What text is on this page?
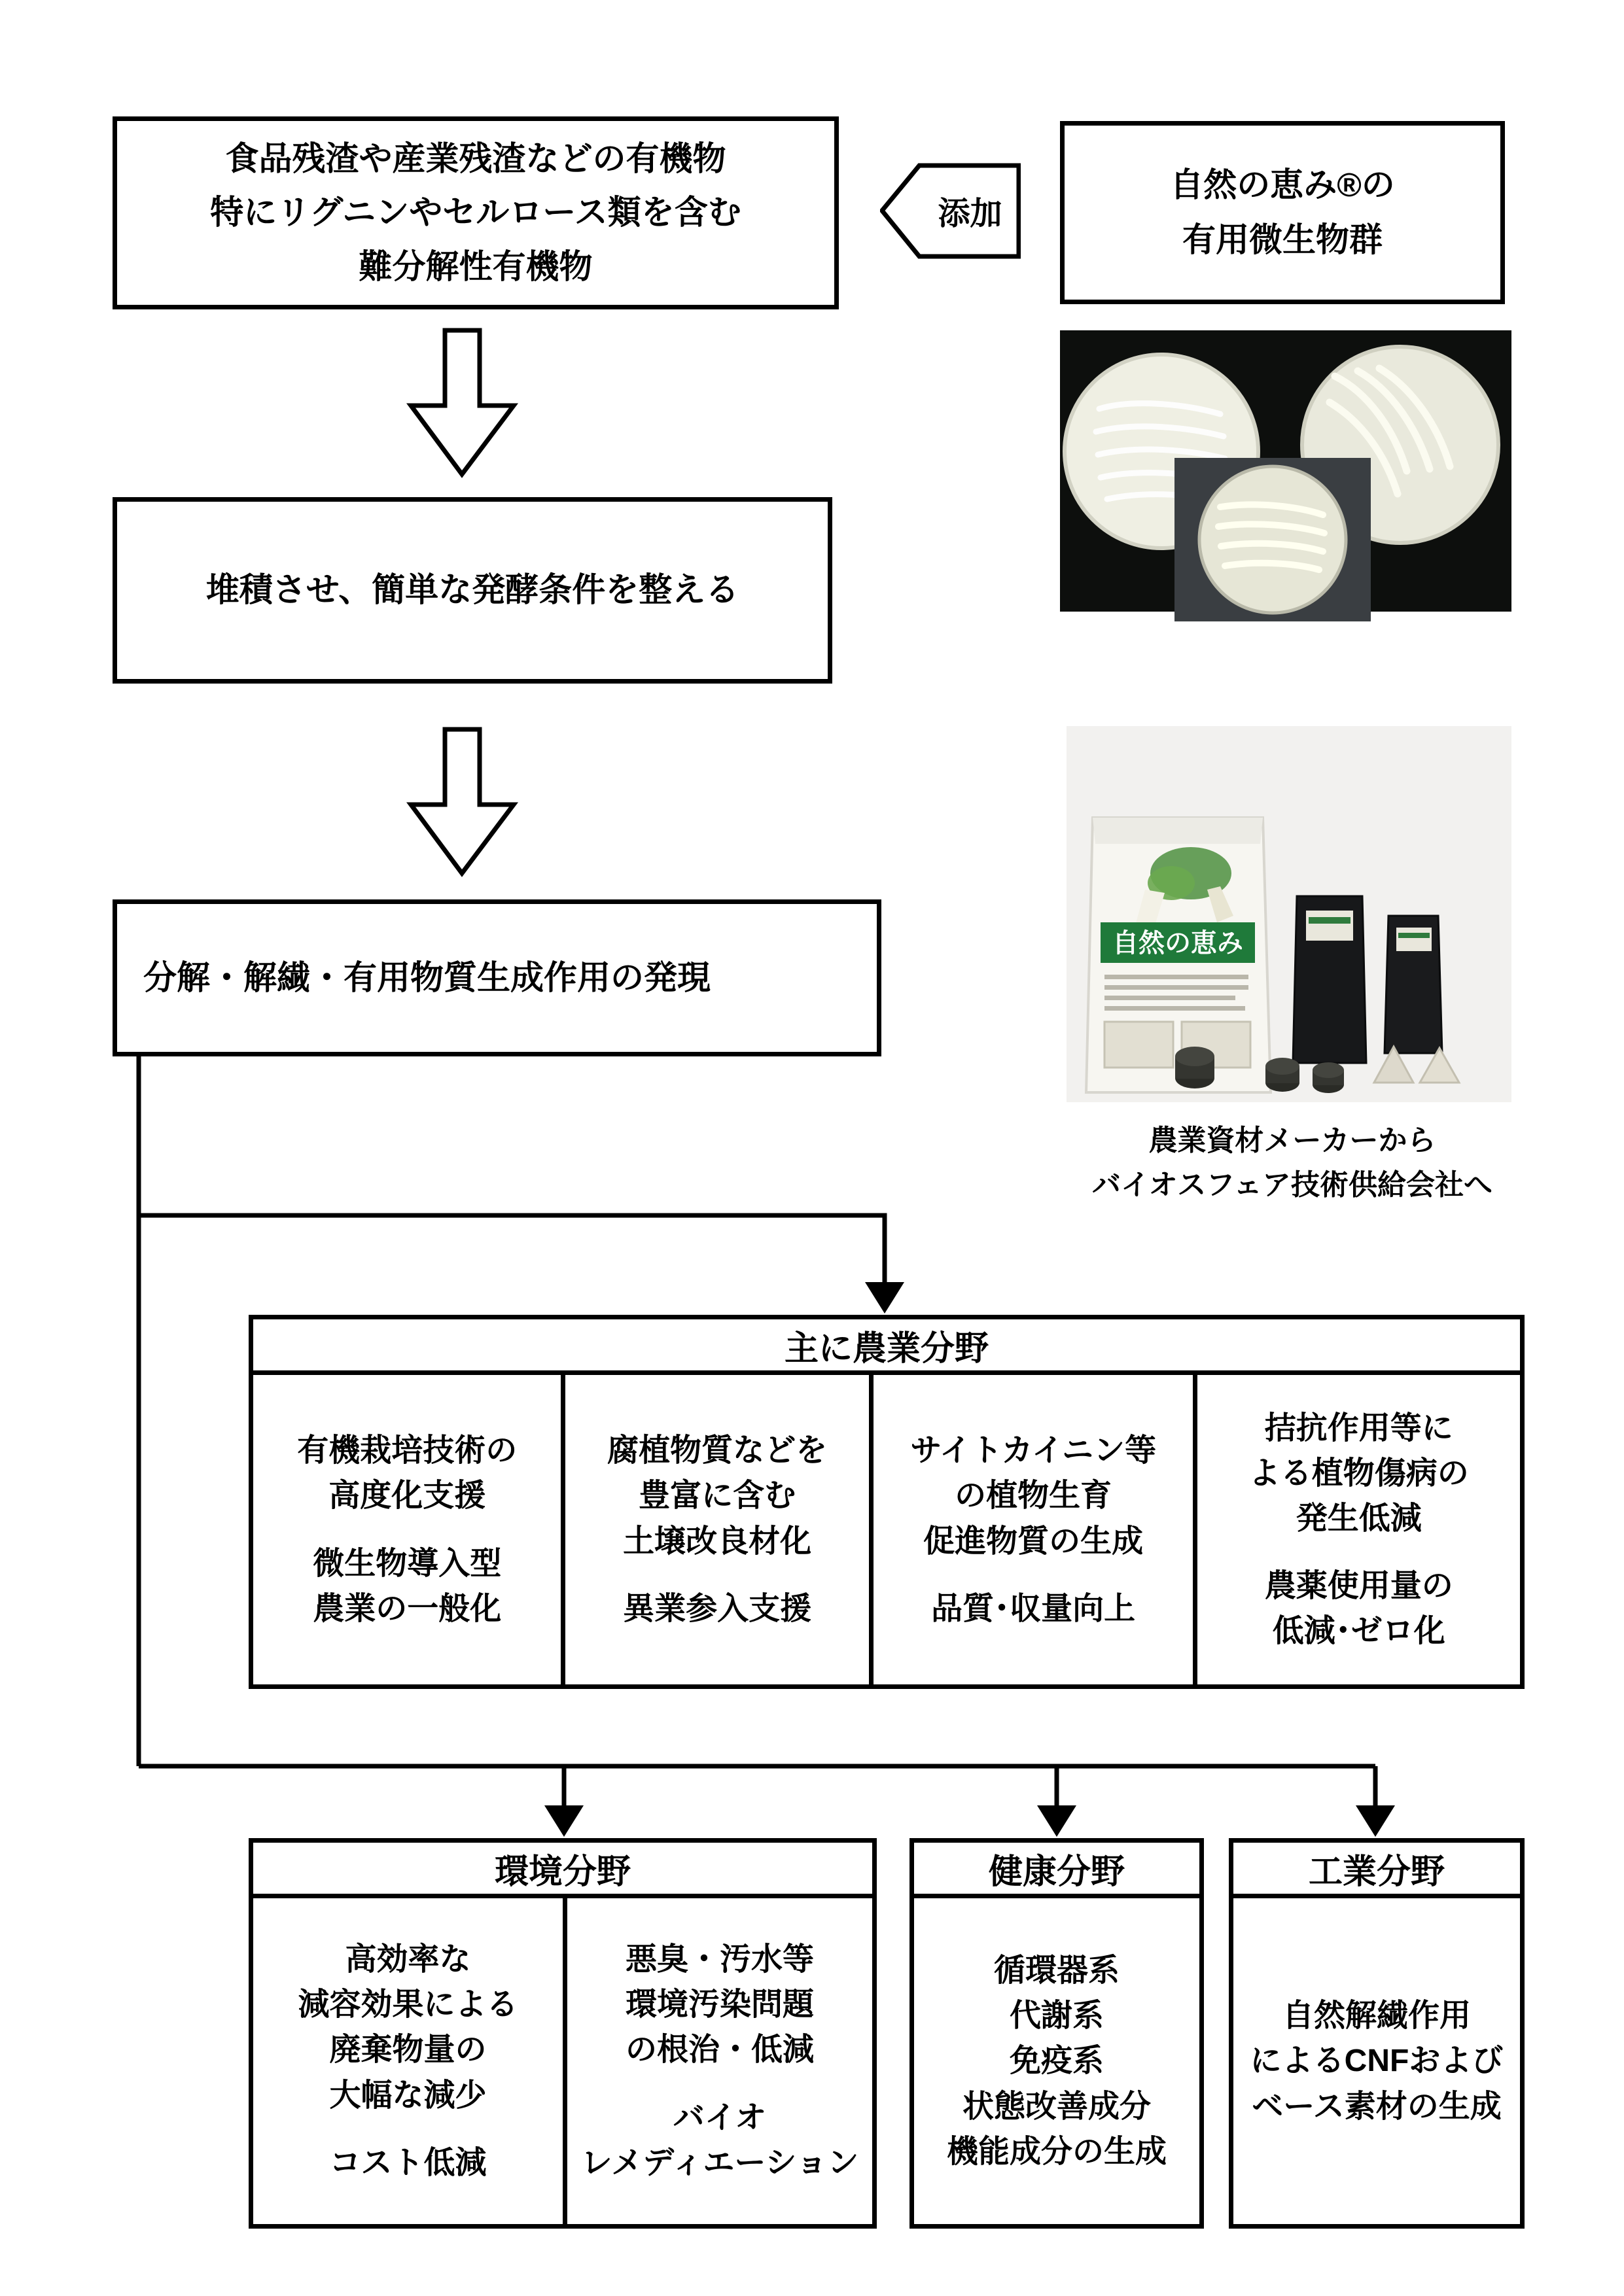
食品残渣や産業残渣などの有機物
特にリグニンやセルロース類を含む
難分解性有機物
添加
自然の恵み®の
有用微生物群
堆積させ、簡単な発酵条件を整える
自然の恵み
農業資材メーカーから
バイオスフェア技術供給会社へ
分解・解繊・有用物質生成作用の発現
主に農業分野
有機栽培技術の
高度化支援
微生物導入型
農業の一般化
腐植物質などを
豊富に含む
土壌改良材化
異業参入支援
サイトカイニン等
の植物生育
促進物質の生成
品質･収量向上
拮抗作用等に
よる植物傷病の
発生低減
農薬使用量の
低減･ゼロ化
環境分野
高効率な
減容効果による
廃棄物量の
大幅な減少
コスト低減
悪臭・汚水等
環境汚染問題
の根治・低減
バイオ
レメディエーション
健康分野
循環器系
代謝系
免疫系
状態改善成分
機能成分の生成
工業分野
自然解繊作用
によるCNFおよび
ベース素材の生成
